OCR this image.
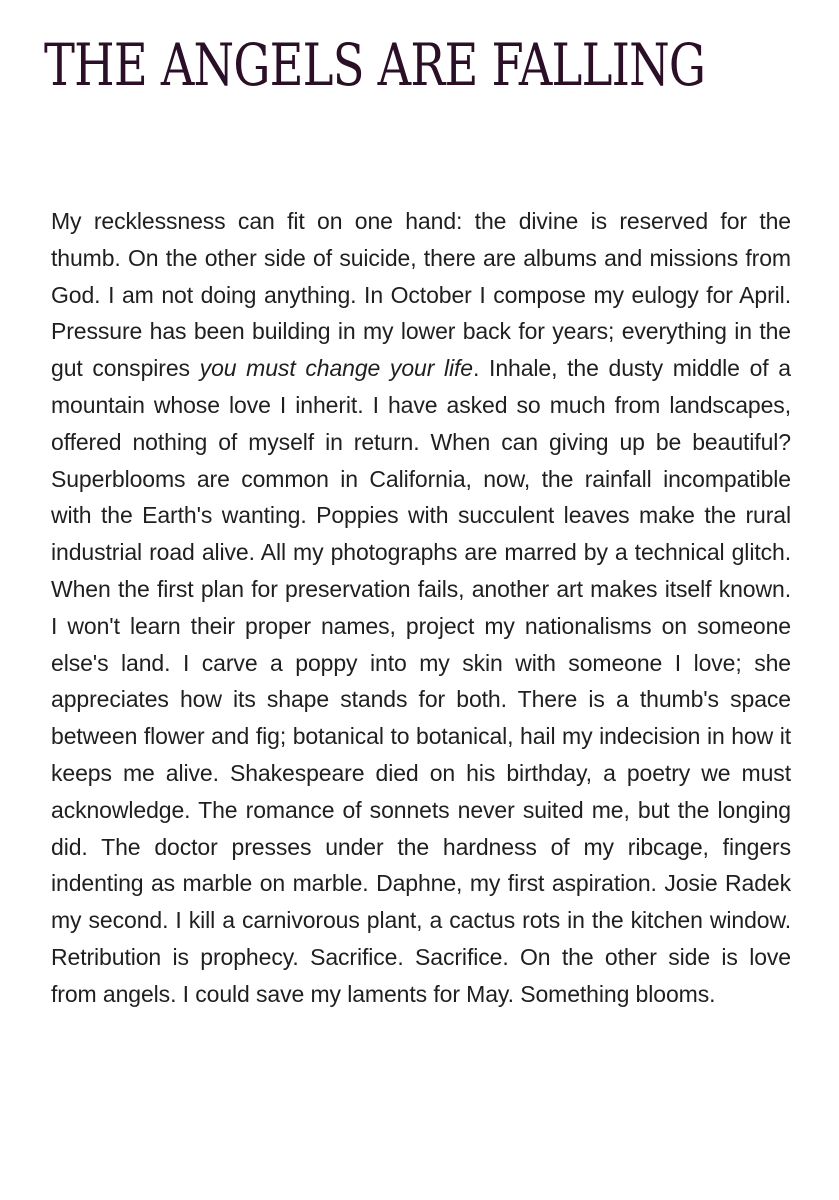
THE ANGELS ARE FALLING

My recklessness can fit on one hand: the divine is reserved for the thumb. On the other side of suicide, there are albums and missions from God. I am not doing anything. In October I compose my eulogy for April. Pressure has been building in my lower back for years; everything in the gut conspires you must change your life. Inhale, the dusty middle of a mountain whose love I inherit. I have asked so much from landscapes, offered nothing of myself in return. When can giving up be beautiful? Superblooms are common in California, now, the rainfall incompatible with the Earth's wanting. Poppies with succulent leaves make the rural industrial road alive. All my photographs are marred by a technical glitch. When the first plan for preservation fails, another art makes itself known. I won't learn their proper names, project my nationalisms on someone else's land. I carve a poppy into my skin with someone I love; she appreciates how its shape stands for both. There is a thumb's space between flower and fig; botanical to botanical, hail my indecision in how it keeps me alive. Shakespeare died on his birthday, a poetry we must acknowledge. The romance of sonnets never suited me, but the longing did. The doctor presses under the hardness of my ribcage, fingers indenting as marble on marble. Daphne, my first aspiration. Josie Radek my second. I kill a carnivorous plant, a cactus rots in the kitchen window. Retribution is prophecy. Sacrifice. Sacrifice. On the other side is love from angels. I could save my laments for May. Something blooms.
